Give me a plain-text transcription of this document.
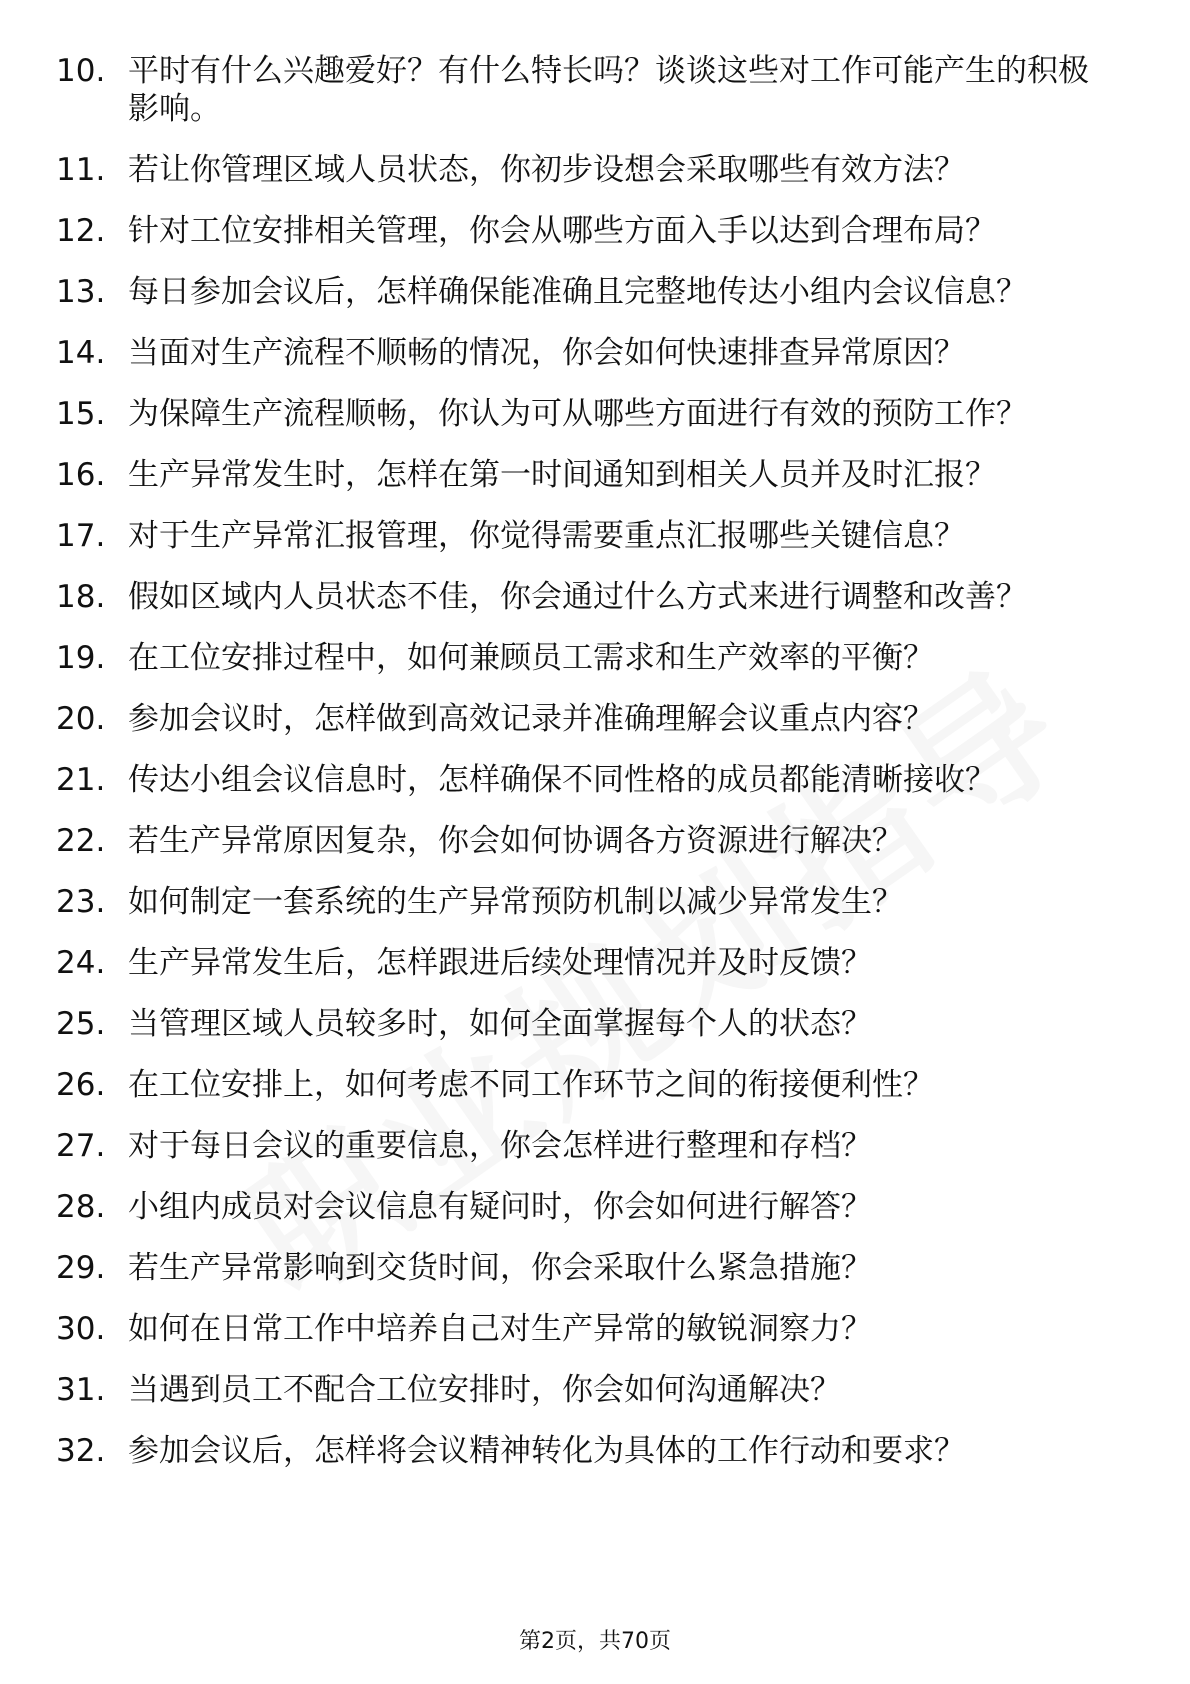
10. 平时有什么兴趣爱好？有什么特长吗？谈谈这些对工作可能产生的积极影响。
11. 若让你管理区域人员状态，你初步设想会采取哪些有效方法？
12. 针对工位安排相关管理，你会从哪些方面入手以达到合理布局？
13. 每日参加会议后，怎样确保能准确且完整地传达小组内会议信息？
14. 当面对生产流程不顺畅的情况，你会如何快速排查异常原因？
15. 为保障生产流程顺畅，你认为可从哪些方面进行有效的预防工作？
16. 生产异常发生时，怎样在第一时间通知到相关人员并及时汇报？
17. 对于生产异常汇报管理，你觉得需要重点汇报哪些关键信息？
18. 假如区域内人员状态不佳，你会通过什么方式来进行调整和改善？
19. 在工位安排过程中，如何兼顾员工需求和生产效率的平衡？
20. 参加会议时，怎样做到高效记录并准确理解会议重点内容？
21. 传达小组会议信息时，怎样确保不同性格的成员都能清晰接收？
22. 若生产异常原因复杂，你会如何协调各方资源进行解决？
23. 如何制定一套系统的生产异常预防机制以减少异常发生？
24. 生产异常发生后，怎样跟进后续处理情况并及时反馈？
25. 当管理区域人员较多时，如何全面掌握每个人的状态？
26. 在工位安排上，如何考虑不同工作环节之间的衔接便利性？
27. 对于每日会议的重要信息，你会怎样进行整理和存档？
28. 小组内成员对会议信息有疑问时，你会如何进行解答？
29. 若生产异常影响到交货时间，你会采取什么紧急措施？
30. 如何在日常工作中培养自己对生产异常的敏锐洞察力？
31. 当遇到员工不配合工位安排时，你会如何沟通解决？
32. 参加会议后，怎样将会议精神转化为具体的工作行动和要求？
第2页，共70页
